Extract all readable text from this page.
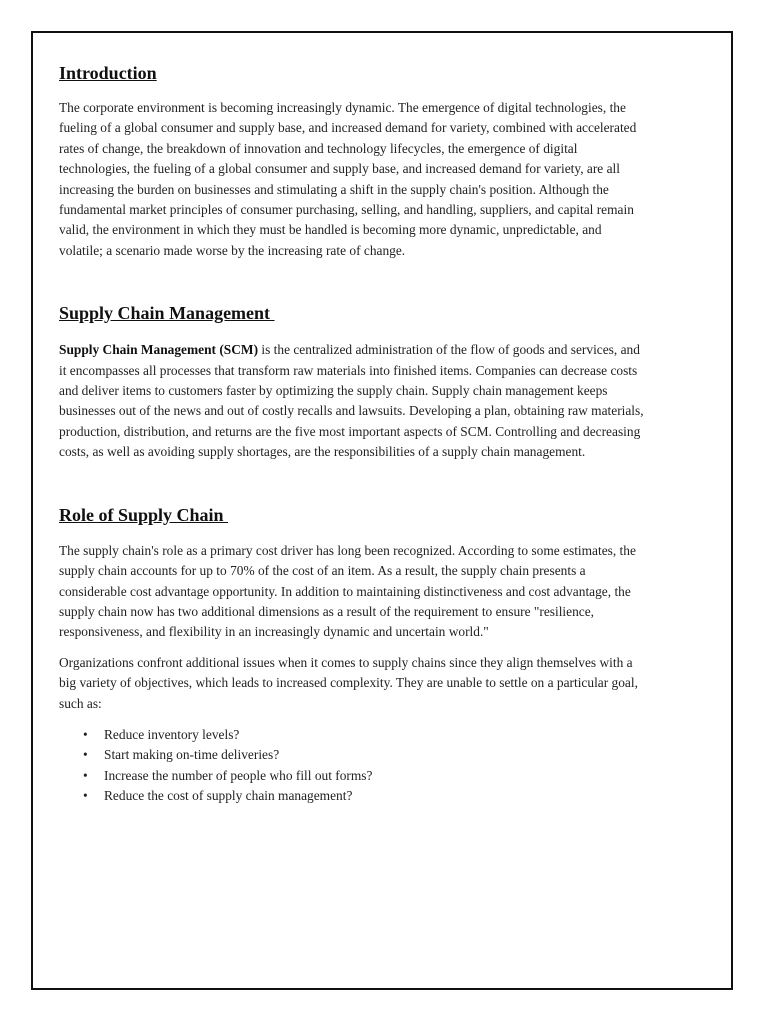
Introduction

The corporate environment is becoming increasingly dynamic. The emergence of digital technologies, the fueling of a global consumer and supply base, and increased demand for variety, combined with accelerated rates of change, the breakdown of innovation and technology lifecycles, the emergence of digital technologies, the fueling of a global consumer and supply base, and increased demand for variety, are all increasing the burden on businesses and stimulating a shift in the supply chain's position. Although the fundamental market principles of consumer purchasing, selling, and handling, suppliers, and capital remain valid, the environment in which they must be handled is becoming more dynamic, unpredictable, and volatile; a scenario made worse by the increasing rate of change.

Supply Chain Management

Supply Chain Management (SCM) is the centralized administration of the flow of goods and services, and it encompasses all processes that transform raw materials into finished items. Companies can decrease costs and deliver items to customers faster by optimizing the supply chain. Supply chain management keeps businesses out of the news and out of costly recalls and lawsuits. Developing a plan, obtaining raw materials, production, distribution, and returns are the five most important aspects of SCM. Controlling and decreasing costs, as well as avoiding supply shortages, are the responsibilities of a supply chain management.

Role of Supply Chain

The supply chain's role as a primary cost driver has long been recognized. According to some estimates, the supply chain accounts for up to 70% of the cost of an item. As a result, the supply chain presents a considerable cost advantage opportunity. In addition to maintaining distinctiveness and cost advantage, the supply chain now has two additional dimensions as a result of the requirement to ensure "resilience, responsiveness, and flexibility in an increasingly dynamic and uncertain world."

Organizations confront additional issues when it comes to supply chains since they align themselves with a big variety of objectives, which leads to increased complexity. They are unable to settle on a particular goal, such as:

• Reduce inventory levels?
• Start making on-time deliveries?
• Increase the number of people who fill out forms?
• Reduce the cost of supply chain management?
